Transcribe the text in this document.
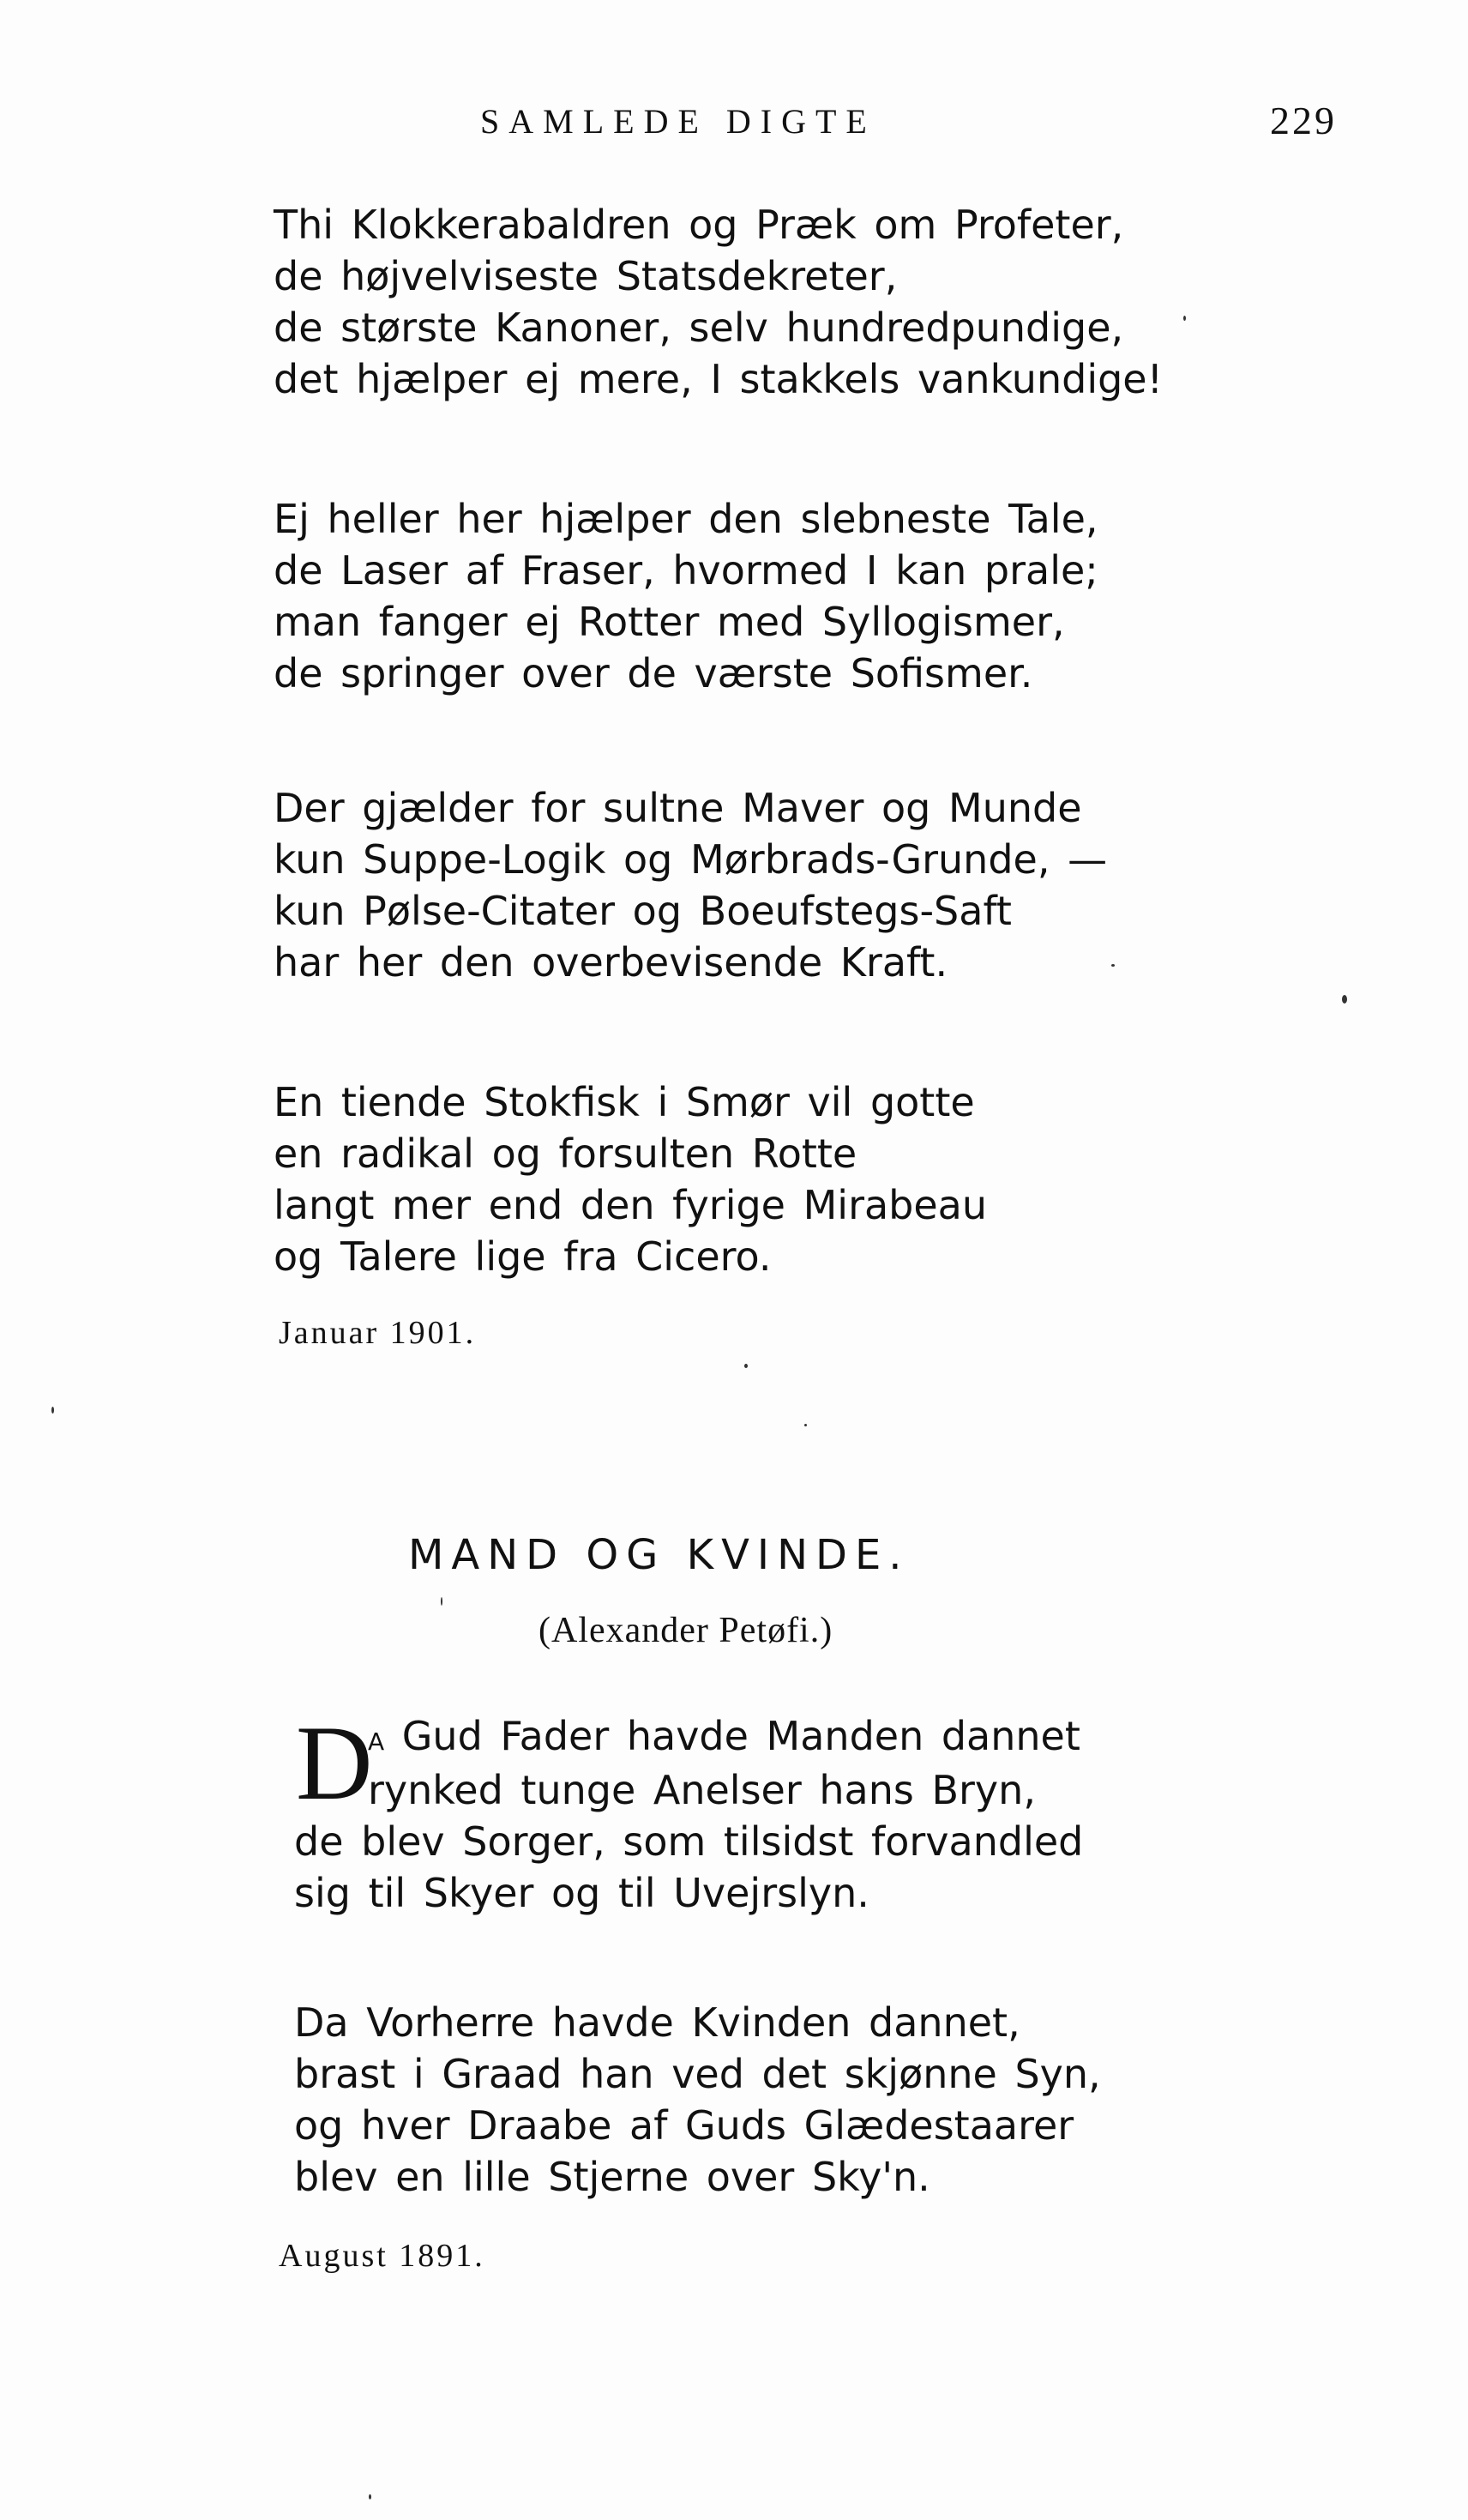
SAMLEDE DIGTE	229
Thi Klokkerabaldren og Præk om Profeter,
de højvelviseste Statsdekreter,
de største Kanoner, selv hundredpundige,
det hjælper ej mere, I stakkels vankundige!
Ej heller her hjælper den slebneste Tale,
de Laser af Fraser, hvormed I kan prale;
man fanger ej Rotter med Syllogismer,
de springer over de værste Sofismer.
Der gjælder for sultne Maver og Munde
kun Suppe-Logik og Mørbrads-Grunde, —
kun Pølse-Citater og Boeufstegs-Saft
har her den overbevisende Kraft.
En tiende Stokfisk i Smør vil gotte
en radikal og forsulten Rotte
langt mer end den fyrige Mirabeau
og Talere lige fra Cicero.
Januar 1901.
MAND OG KVINDE.
(Alexander Petøfi.)
D
a Gud Fader havde Manden dannet
rynked tunge Anelser hans Bryn,
de blev Sorger, som tilsidst forvandled
sig til Skyer og til Uvejrslyn.
Da Vorherre havde Kvinden dannet,
brast i Graad han ved det skjønne Syn,
og hver Draabe af Guds Glædestaarer
blev en lille Stjerne over Sky'n.
August 1891.
